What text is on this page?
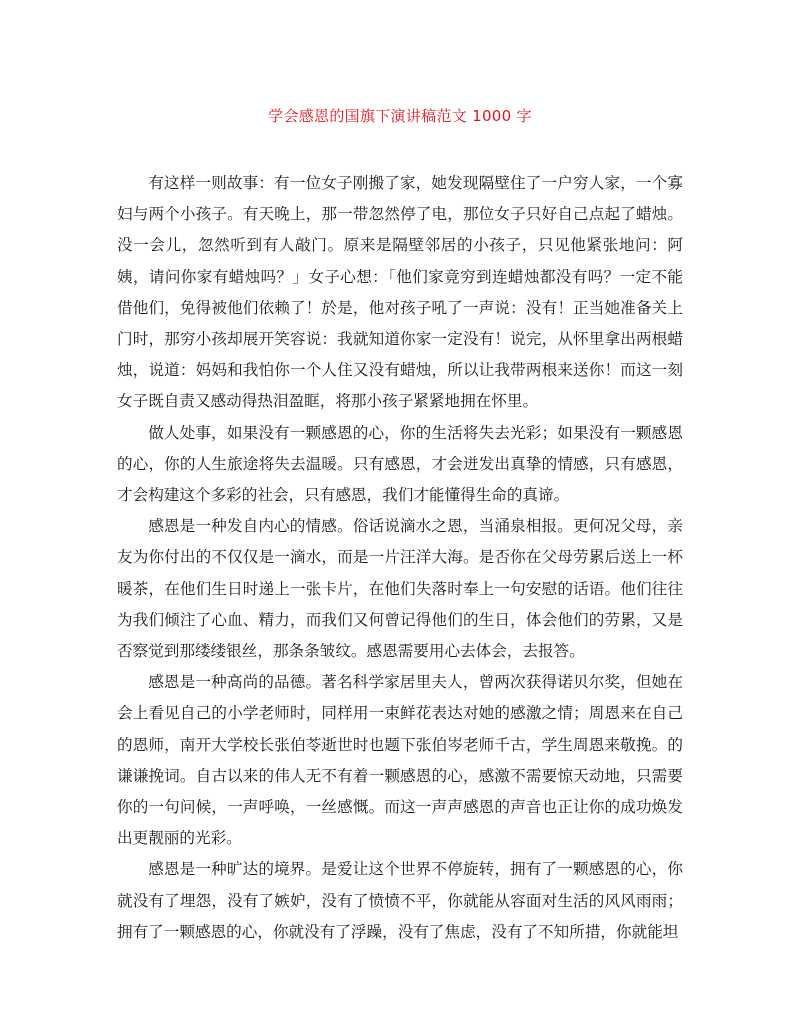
学会感恩的国旗下演讲稿范文 1000 字

有这样一则故事：有一位女子刚搬了家，她发现隔壁住了一户穷人家，一个寡妇与两个小孩子。有天晚上，那一带忽然停了电，那位女子只好自己点起了蜡烛。没一会儿，忽然听到有人敲门。原来是隔壁邻居的小孩子，只见他紧张地问：阿姨，请问你家有蜡烛吗？」女子心想：「他们家竟穷到连蜡烛都没有吗？一定不能借他们，免得被他们依赖了！於是，他对孩子吼了一声说：没有！正当她准备关上门时，那穷小孩却展开笑容说：我就知道你家一定没有！说完，从怀里拿出两根蜡烛，说道：妈妈和我怕你一个人住又没有蜡烛，所以让我带两根来送你！而这一刻女子既自责又感动得热泪盈眶，将那小孩子紧紧地拥在怀里。

做人处事，如果没有一颗感恩的心，你的生活将失去光彩；如果没有一颗感恩的心，你的人生旅途将失去温暖。只有感恩，才会迸发出真挚的情感，只有感恩，才会构建这个多彩的社会，只有感恩，我们才能懂得生命的真谛。

感恩是一种发自内心的情感。俗话说滴水之恩，当涌泉相报。更何况父母，亲友为你付出的不仅仅是一滴水，而是一片汪洋大海。是否你在父母劳累后送上一杯暖茶，在他们生日时递上一张卡片，在他们失落时奉上一句安慰的话语。他们往往为我们倾注了心血、精力，而我们又何曾记得他们的生日，体会他们的劳累，又是否察觉到那缕缕银丝，那条条皱纹。感恩需要用心去体会，去报答。

感恩是一种高尚的品德。著名科学家居里夫人，曾两次获得诺贝尔奖，但她在会上看见自己的小学老师时，同样用一束鲜花表达对她的感激之情；周恩来在自己的恩师，南开大学校长张伯苓逝世时也题下张伯岑老师千古，学生周恩来敬挽。的谦谦挽词。自古以来的伟人无不有着一颗感恩的心，感激不需要惊天动地，只需要你的一句问候，一声呼唤，一丝感慨。而这一声声感恩的声音也正让你的成功焕发出更靓丽的光彩。

感恩是一种旷达的境界。是爱让这个世界不停旋转，拥有了一颗感恩的心，你就没有了埋怨，没有了嫉妒，没有了愤愤不平，你就能从容面对生活的风风雨雨；拥有了一颗感恩的心，你就没有了浮躁，没有了焦虑，没有了不知所措，你就能坦
